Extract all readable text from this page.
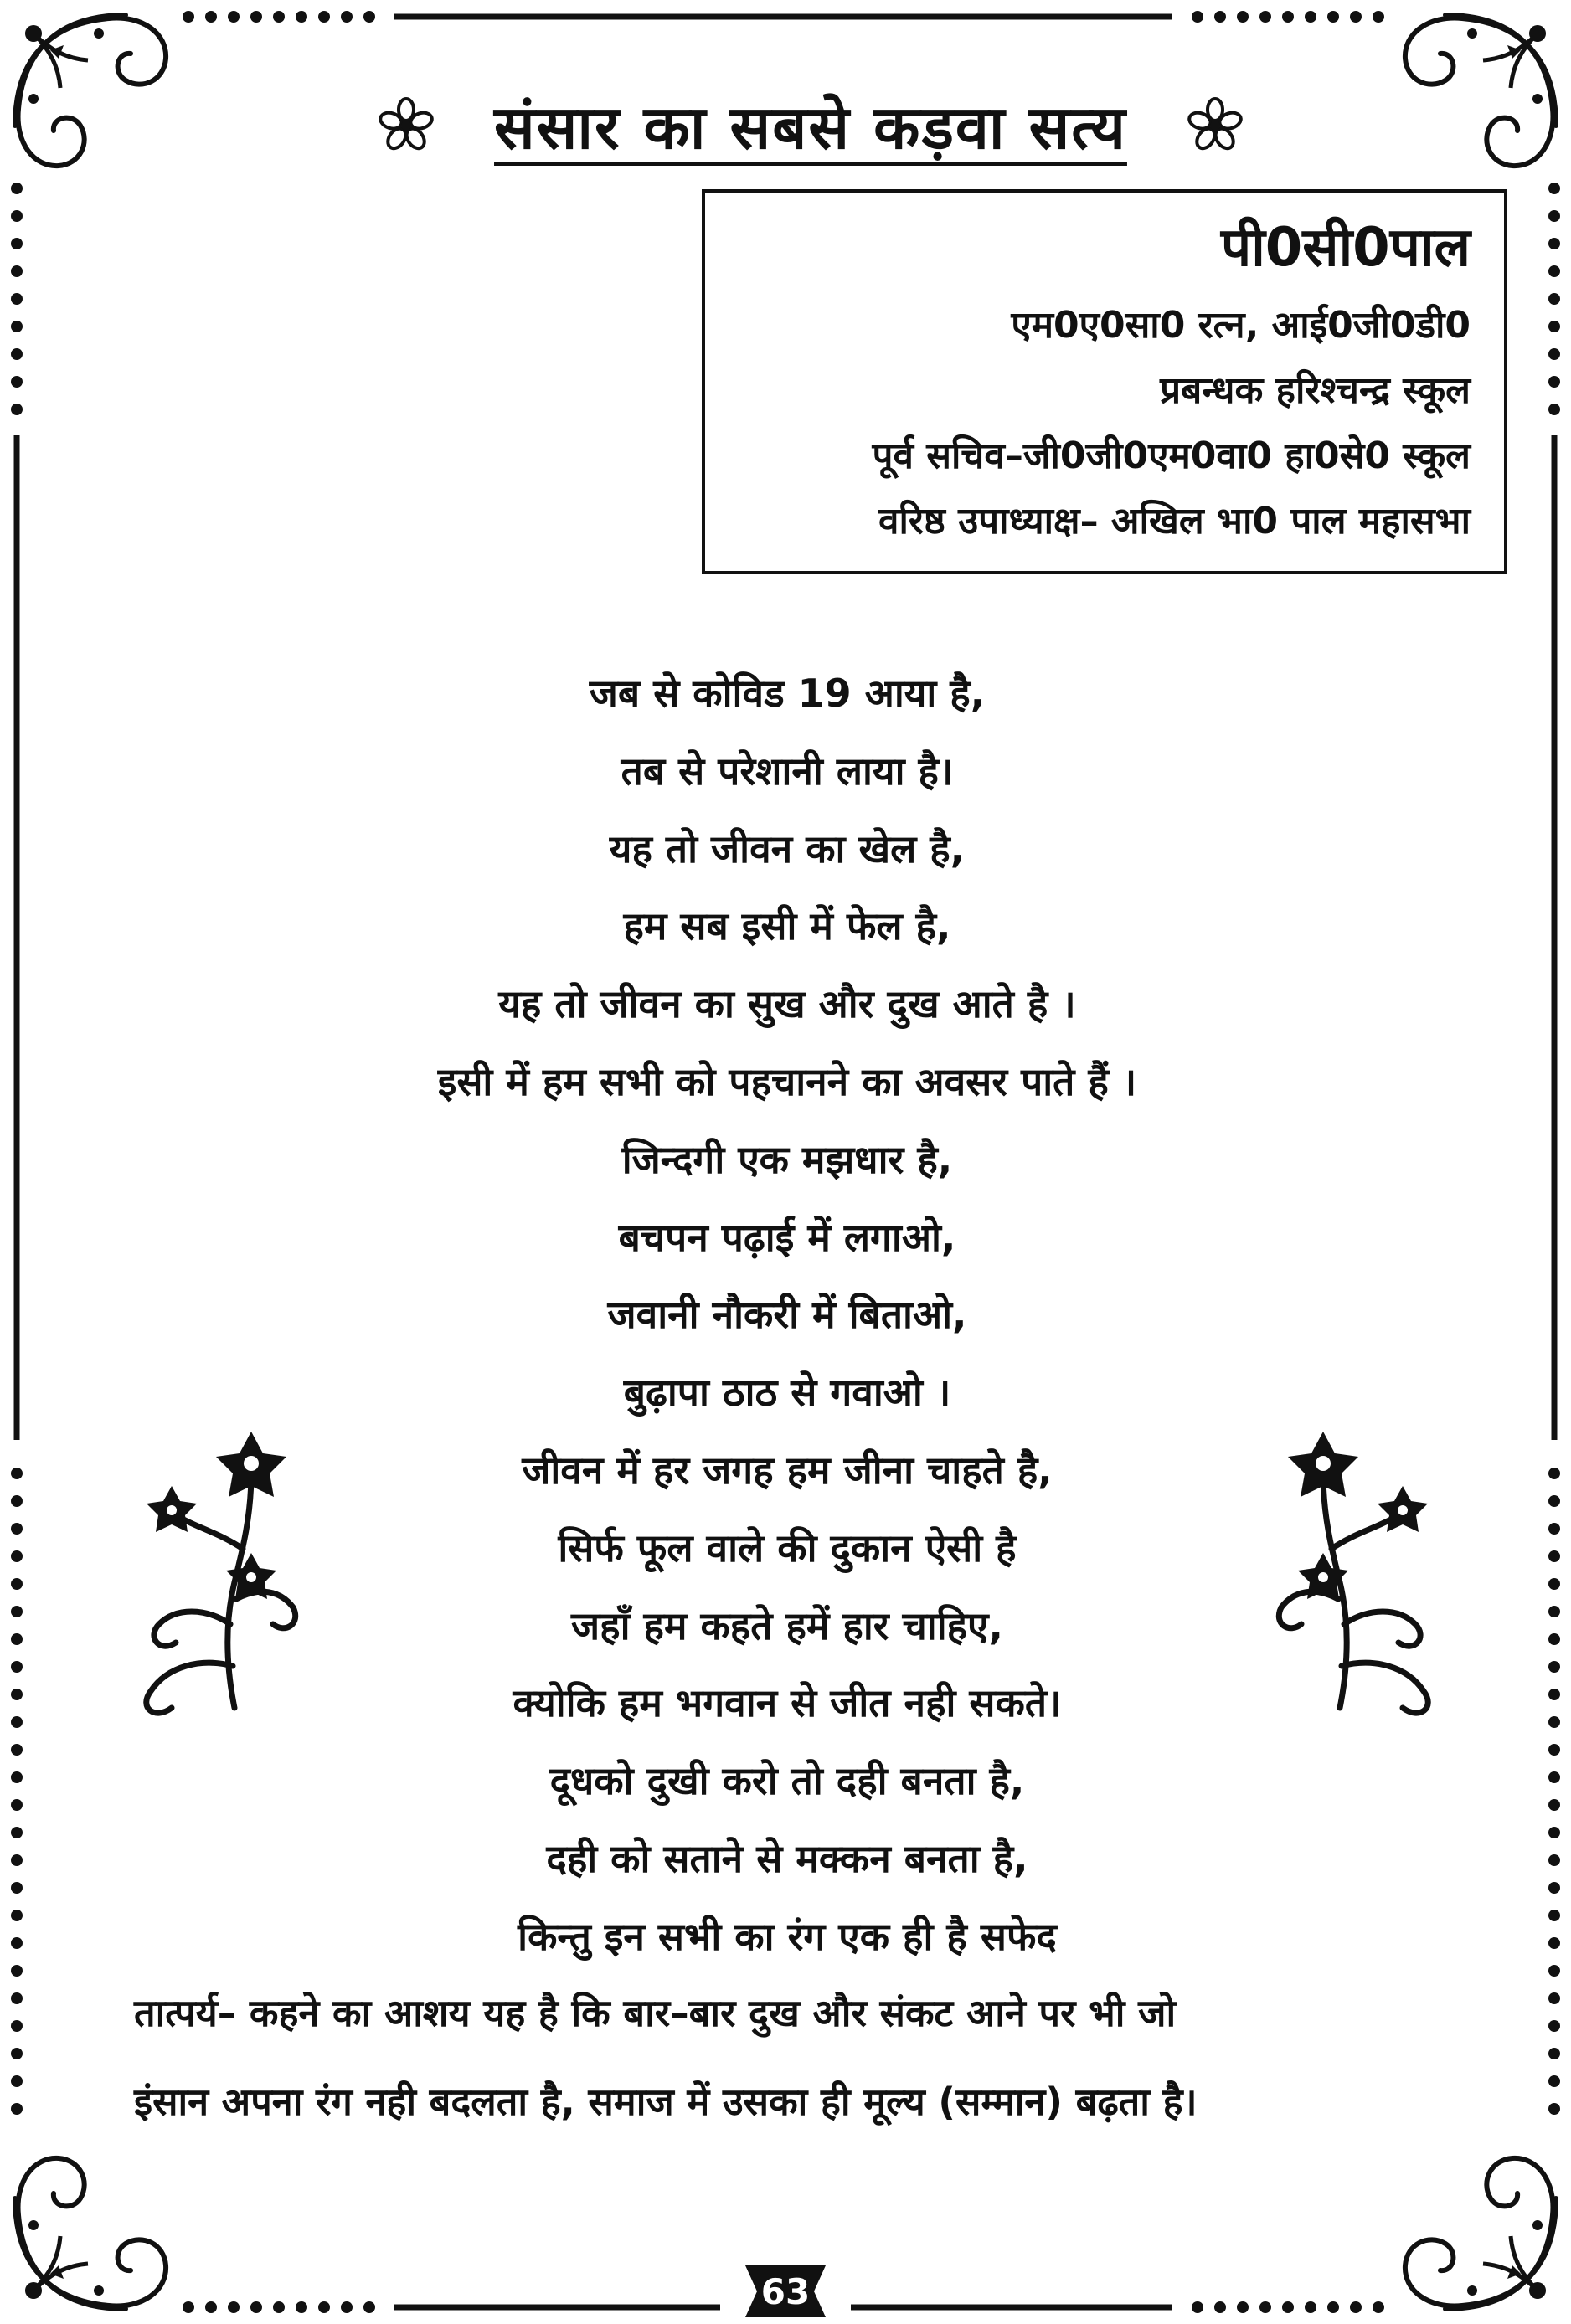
संसार का सबसे कड़वा सत्य
पी0सी0पाल
एम0ए0सा0 रत्न, आई0जी0डी0
प्रबन्धक हरिश्चन्द्र स्कूल
पूर्व सचिव–जी0जी0एम0वा0 हा0से0 स्कूल
वरिष्ठ उपाध्याक्ष– अखिल भा0 पाल महासभा
जब से कोविड 19 आया है,
तब से परेशानी लाया है।
यह तो जीवन का खेल है,
हम सब इसी में फेल है,
यह तो जीवन का सुख और दुख आते है ।
इसी में हम सभी को पहचानने का अवसर पाते हैं ।
जिन्दगी एक मझधार है,
बचपन पढ़ाई में लगाओ,
जवानी नौकरी में बिताओ,
बुढ़ापा ठाठ से गवाओ ।
जीवन में हर जगह हम जीना चाहते है,
सिर्फ फूल वाले की दुकान ऐसी है
जहाँ हम कहते हमें हार चाहिए,
क्योकि हम भगवान से जीत नही सकते।
दूधको दुखी करो तो दही बनता है,
दही को सताने से मक्कन बनता है,
किन्तु इन सभी का रंग एक ही है सफेद
तात्पर्य– कहने का आशय यह है कि बार–बार दुख और संकट आने पर भी जो
इंसान अपना रंग नही बदलता है, समाज में उसका ही मूल्य (सम्मान) बढ़ता है।
63
